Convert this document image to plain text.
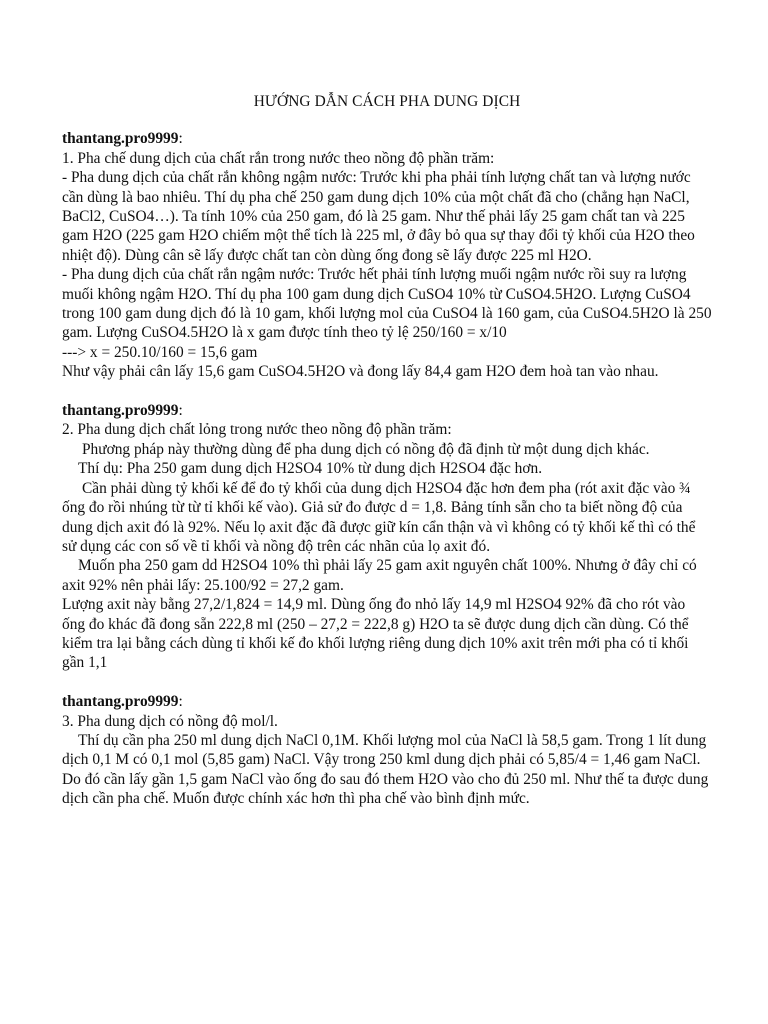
HƯỚNG DẪN CÁCH PHA DUNG DỊCH

thantang.pro9999:

1. Pha chế dung dịch của chất rắn trong nước theo nồng độ phần trăm:

- Pha dung dịch của chất rắn không ngậm nước: Trước khi pha phải tính lượng chất tan và lượng nước cần dùng là bao nhiêu. Thí dụ pha chế 250 gam dung dịch 10% của một chất đã cho (chẳng hạn NaCl, BaCl2, CuSO4…). Ta tính 10% của 250 gam, đó là 25 gam. Như thế phải lấy 25 gam chất tan và 225 gam H2O (225 gam H2O chiếm một thể tích là 225 ml, ở đây bỏ qua sự thay đổi tỷ khối của H2O theo nhiệt độ). Dùng cân sẽ lấy được chất tan còn dùng ống đong sẽ lấy được 225 ml H2O.

- Pha dung dịch của chất rắn ngậm nước: Trước hết phải tính lượng muối ngậm nước rồi suy ra lượng muối không ngậm H2O. Thí dụ pha 100 gam dung dịch CuSO4 10% từ CuSO4.5H2O. Lượng CuSO4 trong 100 gam dung dịch đó là 10 gam, khối lượng mol của CuSO4 là 160 gam, của CuSO4.5H2O là 250 gam. Lượng CuSO4.5H2O là x gam được tính theo tỷ lệ 250/160 = x/10

---> x = 250.10/160 = 15,6 gam

Như vậy phải cân lấy 15,6 gam CuSO4.5H2O và đong lấy 84,4 gam H2O đem hoà tan vào nhau.

thantang.pro9999:

2. Pha dung dịch chất lỏng trong nước theo nồng độ phần trăm:

Phương pháp này thường dùng để pha dung dịch có nồng độ đã định từ một dung dịch khác.

Thí dụ: Pha 250 gam dung dịch H2SO4 10% từ dung dịch H2SO4 đặc hơn.

Cần phải dùng tỷ khối kế để đo tỷ khối của dung dịch H2SO4 đặc hơn đem pha (rót axit đặc vào ¾ ống đo rồi nhúng từ từ tỉ khối kế vào). Giả sử đo được d = 1,8. Bảng tính sẵn cho ta biết nồng độ của dung dịch axit đó là 92%. Nếu lọ axit đặc đã được giữ kín cẩn thận và vì không có tỷ khối kế thì có thể sử dụng các con số về tỉ khối và nồng độ trên các nhãn của lọ axit đó.

Muốn pha 250 gam dd H2SO4 10% thì phải lấy 25 gam axit nguyên chất 100%. Nhưng ở đây chỉ có axit 92% nên phải lấy: 25.100/92 = 27,2 gam.

Lượng axit này bằng 27,2/1,824 = 14,9 ml. Dùng ống đo nhỏ lấy 14,9 ml H2SO4 92% đã cho rót vào ống đo khác đã đong sẵn 222,8 ml (250 – 27,2 = 222,8 g) H2O ta sẽ được dung dịch cần dùng. Có thể kiểm tra lại bằng cách dùng tỉ khối kế đo khối lượng riêng dung dịch 10% axit trên mới pha có tỉ khối gần 1,1

thantang.pro9999:

3. Pha dung dịch có nồng độ mol/l.

Thí dụ cần pha 250 ml dung dịch NaCl 0,1M. Khối lượng mol của NaCl là 58,5 gam. Trong 1 lít dung dịch 0,1 M có 0,1 mol (5,85 gam) NaCl. Vậy trong 250 kml dung dịch phải có 5,85/4 = 1,46 gam NaCl. Do đó cần lấy gần 1,5 gam NaCl vào ống đo sau đó them H2O vào cho đủ 250 ml. Như thế ta được dung dịch cần pha chế. Muốn được chính xác hơn thì pha chế vào bình định mức.
